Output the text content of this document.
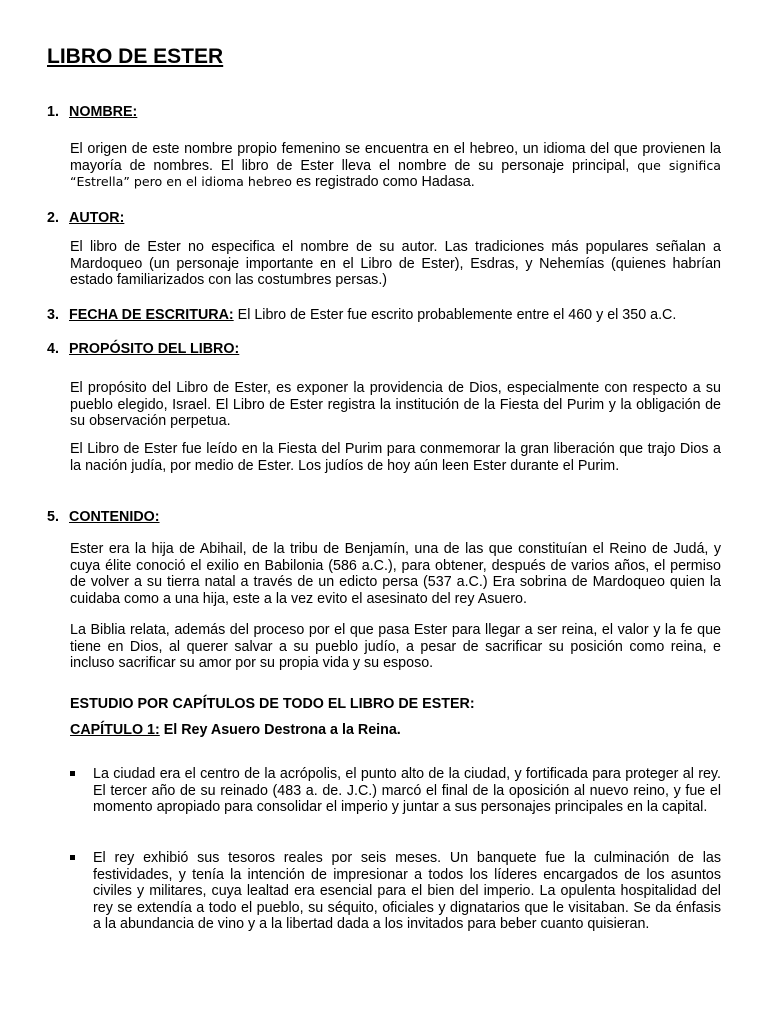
LIBRO DE ESTER
1. NOMBRE:
El origen de este nombre propio femenino se encuentra en el hebreo, un idioma del que provienen la mayoría de nombres. El libro de Ester lleva el nombre de su personaje principal, que significa “Estrella” pero en el idioma hebreo es registrado como Hadasa.
2. AUTOR:
El libro de Ester no especifica el nombre de su autor. Las tradiciones más populares señalan a Mardoqueo (un personaje importante en el Libro de Ester), Esdras, y Nehemías (quienes habrían estado familiarizados con las costumbres persas.)
3. FECHA DE ESCRITURA: El Libro de Ester fue escrito probablemente entre el 460 y el 350 a.C.
4. PROPÓSITO DEL LIBRO:
El propósito del Libro de Ester, es exponer la providencia de Dios, especialmente con respecto a su pueblo elegido, Israel. El Libro de Ester registra la institución de la Fiesta del Purim y la obligación de su observación perpetua.
El Libro de Ester fue leído en la Fiesta del Purim para conmemorar la gran liberación que trajo Dios a la nación judía, por medio de Ester. Los judíos de hoy aún leen Ester durante el Purim.
5. CONTENIDO:
Ester era la hija de Abihail, de la tribu de Benjamín, una de las que constituían el Reino de Judá, y cuya élite conoció el exilio en Babilonia (586 a.C.), para obtener, después de varios años, el permiso de volver a su tierra natal a través de un edicto persa (537 a.C.) Era sobrina de Mardoqueo quien la cuidaba como a una hija, este a la vez evito el asesinato del rey Asuero.
La Biblia relata, además del proceso por el que pasa Ester para llegar a ser reina, el valor y la fe que tiene en Dios, al querer salvar a su pueblo judío, a pesar de sacrificar su posición como reina, e incluso sacrificar su amor por su propia vida y su esposo.
ESTUDIO POR CAPÍTULOS DE TODO EL LIBRO DE ESTER:
CAPÍTULO 1: El Rey Asuero Destrona a la Reina.
La ciudad era el centro de la acrópolis, el punto alto de la ciudad, y fortificada para proteger al rey. El tercer año de su reinado (483 a. de. J.C.) marcó el final de la oposición al nuevo reino, y fue el momento apropiado para consolidar el imperio y juntar a sus personajes principales en la capital.
El rey exhibió sus tesoros reales por seis meses. Un banquete fue la culminación de las festividades, y tenía la intención de impresionar a todos los líderes encargados de los asuntos civiles y militares, cuya lealtad era esencial para el bien del imperio. La opulenta hospitalidad del rey se extendía a todo el pueblo, su séquito, oficiales y dignatarios que le visitaban. Se da énfasis a la abundancia de vino y a la libertad dada a los invitados para beber cuanto quisieran.
